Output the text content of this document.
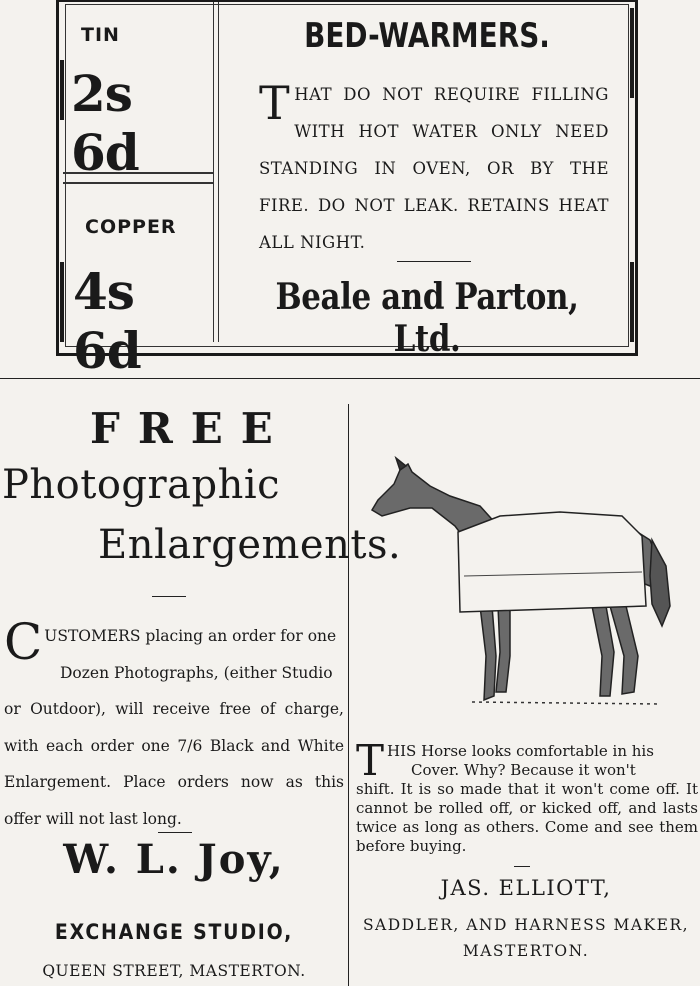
TIN
2s 6d
COPPER
4s 6d
BED-WARMERS.
THAT DO NOT REQUIRE FILLING WITH HOT WATER ONLY NEED STANDING IN OVEN, OR BY THE FIRE. DO NOT LEAK. RETAINS HEAT ALL NIGHT.
Beale and Parton, Ltd.
FREE
Photographic
Enlargements.
CUSTOMERS placing an order for one
Dozen Photographs, (either Studio
or Outdoor), will receive free of charge, with each order one 7/6 Black and White Enlargement. Place orders now as this offer will not last long.
W. L. Joy,
EXCHANGE STUDIO,
QUEEN STREET, MASTERTON.
THIS Horse looks comfortable in his
Cover. Why? Because it won't
shift. It is so made that it won't come off. It cannot be rolled off, or kicked off, and lasts twice as long as others. Come and see them before buying.
JAS. ELLIOTT,
SADDLER, AND HARNESS MAKER,
MASTERTON.
